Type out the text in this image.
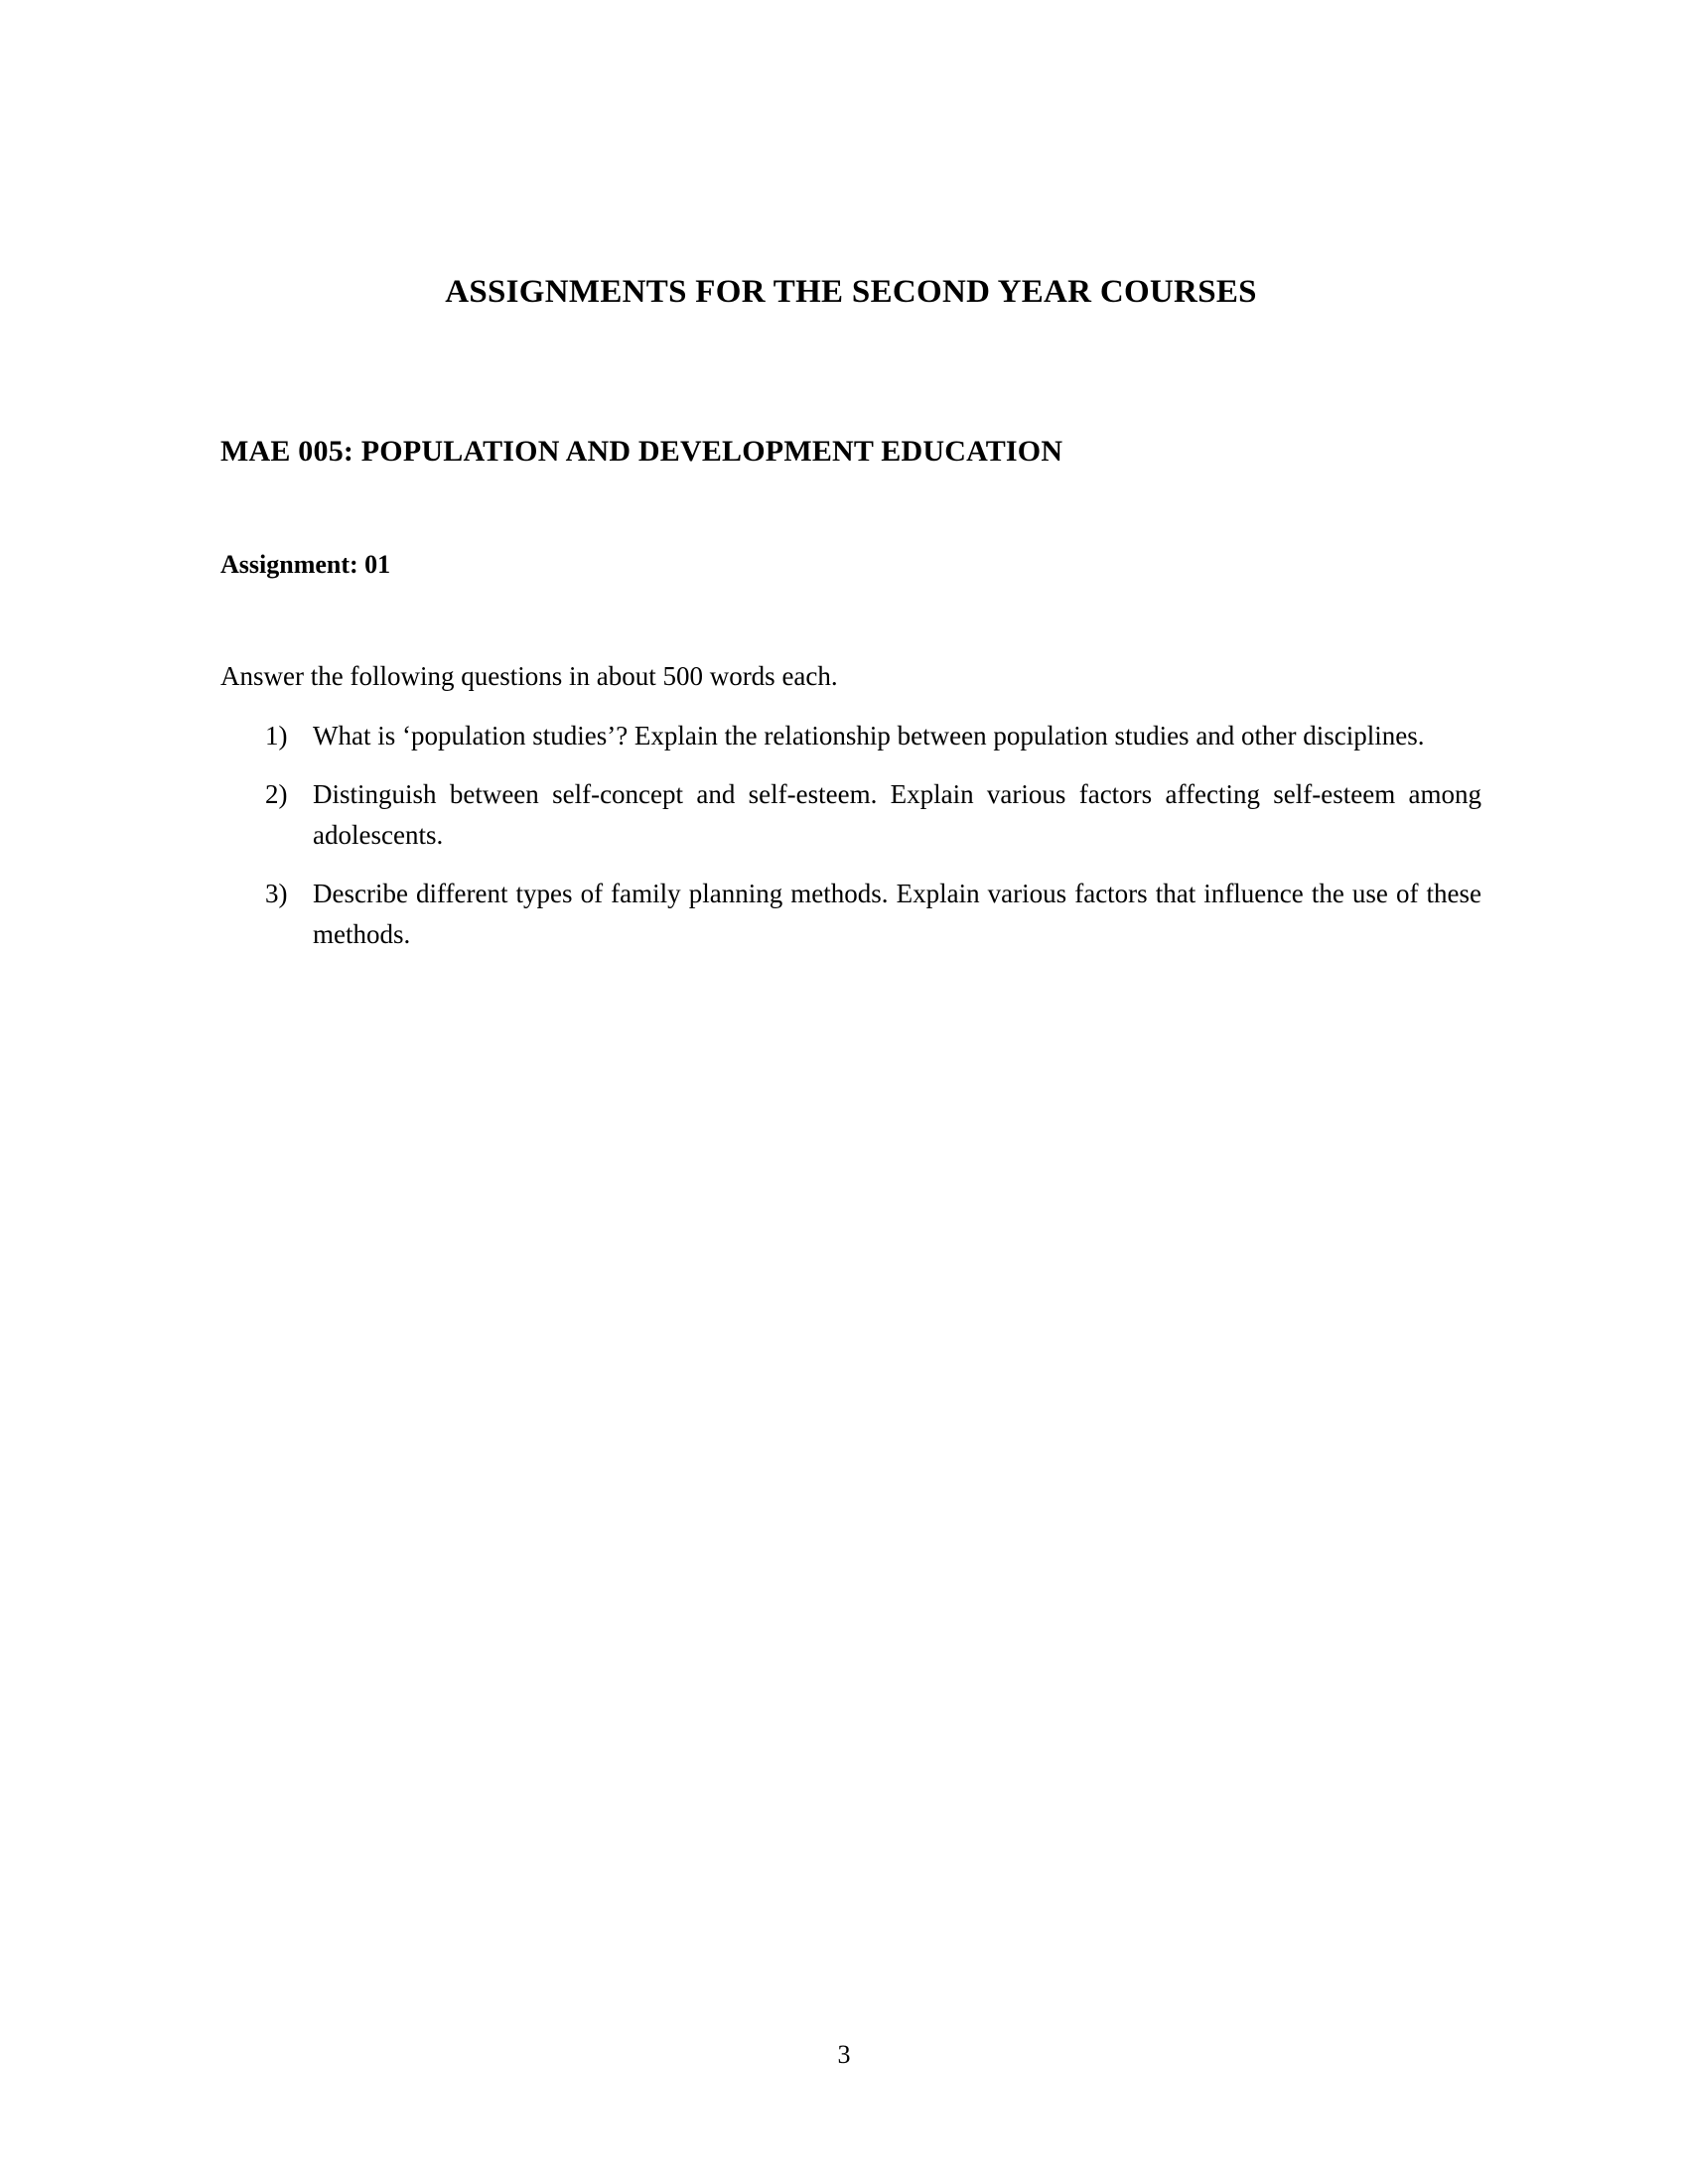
ASSIGNMENTS FOR THE SECOND YEAR COURSES
MAE 005: POPULATION AND DEVELOPMENT EDUCATION

Assignment: 01

Answer the following questions in about 500 words each.

1) What is ‘population studies’? Explain the relationship between population studies and other disciplines.
2) Distinguish between self-concept and self-esteem. Explain various factors affecting self-esteem among adolescents.
3) Describe different types of family planning methods. Explain various factors that influence the use of these methods.
3
